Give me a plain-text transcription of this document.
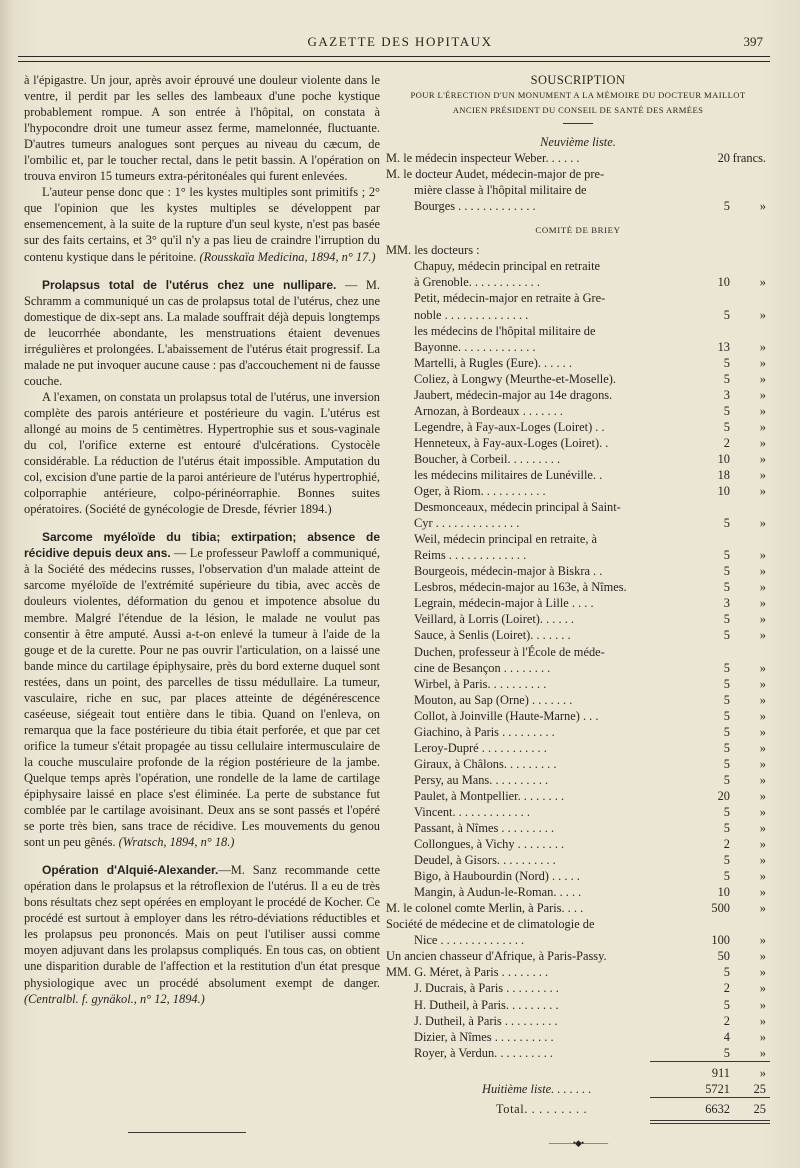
GAZETTE DES HOPITAUX	397

à l'épigastre. Un jour, après avoir éprouvé une douleur violente dans le ventre, il perdit par les selles des lambeaux d'une poche kystique probablement rompue. A son entrée à l'hôpital, on constata à l'hypocondre droit une tumeur assez ferme, mamelonnée, fluctuante. D'autres tumeurs analogues sont perçues au niveau du cæcum, de l'ombilic et, par le toucher rectal, dans le petit bassin. A l'opération on trouva environ 15 tumeurs extra-péritonéales qui furent enlevées.

L'auteur pense donc que : 1° les kystes multiples sont primitifs ; 2° que l'opinion que les kystes multiples se développent par ensemencement, à la suite de la rupture d'un seul kyste, n'est pas basée sur des faits certains, et 3° qu'il n'y a pas lieu de craindre l'irruption du contenu kystique dans le péritoine. (Rousskaïa Medicina, 1894, n° 17.)

Prolapsus total de l'utérus chez une nullipare. — M. Schramm a communiqué un cas de prolapsus total de l'utérus, chez une domestique de dix-sept ans. La malade souffrait déjà depuis longtemps de leucorrhée abondante, les menstruations étaient devenues irrégulières et prolongées. L'abaissement de l'utérus était progressif. La malade ne put invoquer aucune cause : pas d'accouchement ni de fausse couche.

A l'examen, on constata un prolapsus total de l'utérus, une inversion complète des parois antérieure et postérieure du vagin. L'utérus est allongé au moins de 5 centimètres. Hypertrophie sus et sous-vaginale du col, l'orifice externe est entouré d'ulcérations. Cystocèle considérable. La réduction de l'utérus était impossible. Amputation du col, excision d'une partie de la paroi antérieure de l'utérus hypertrophié, colporraphie antérieure, colpo-périnéorraphie. Bonnes suites opératoires. (Société de gynécologie de Dresde, février 1894.)

Sarcome myéloïde du tibia; extirpation; absence de récidive depuis deux ans. — Le professeur Pawloff a communiqué, à la Société des médecins russes, l'observation d'un malade atteint de sarcome myéloïde de l'extrémité supérieure du tibia, avec accès de douleurs violentes, déformation du genou et impotence absolue du membre. Malgré l'étendue de la lésion, le malade ne voulut pas consentir à être amputé. Aussi a-t-on enlevé la tumeur à l'aide de la gouge et de la curette. Pour ne pas ouvrir l'articulation, on a laissé une bande mince du cartilage épiphysaire, près du bord externe duquel sont restées, dans un point, des parcelles de tissu médullaire. La tumeur, vasculaire, riche en suc, par places atteinte de dégénérescence caséeuse, siégeait tout entière dans le tibia. Quand on l'enleva, on remarqua que la face postérieure du tibia était perforée, et que par cet orifice la tumeur s'était propagée au tissu cellulaire intermusculaire de la couche musculaire profonde de la région postérieure de la jambe. Quelque temps après l'opération, une rondelle de la lame de cartilage épiphysaire laissé en place s'est éliminée. La perte de substance fut comblée par le cartilage avoisinant. Deux ans se sont passés et l'opéré se porte très bien, sans trace de récidive. Les mouvements du genou sont un peu gênés. (Wratsch, 1894, n° 18.)

Opération d'Alquié-Alexander.—M. Sanz recommande cette opération dans le prolapsus et la rétroflexion de l'utérus. Il a eu de très bons résultats chez sept opérées en employant le procédé de Kocher. Ce procédé est surtout à employer dans les rétro-déviations réductibles et les prolapsus peu prononcés. Mais on peut l'utiliser aussi comme moyen adjuvant dans les prolapsus compliqués. En tous cas, on obtient une disparition durable de l'affection et la restitution d'un état presque physiologique avec un procédé absolument exempt de danger. (Centralbl. f. gynäkol., n° 12, 1894.)

SOUSCRIPTION
POUR L'ÉRECTION D'UN MONUMENT A LA MÉMOIRE DU DOCTEUR MAILLOT
ANCIEN PRÉSIDENT DU CONSEIL DE SANTÉ DES ARMÉES
Neuvième liste.
M. le médecin inspecteur Weber. . . . . .	20 francs.
M. le docteur Audet, médecin-major de pre-
mière classe à l'hôpital militaire de
Bourges . . . . . . . . . . . . .	5 »
COMITÉ DE BRIEY
MM. les docteurs :
Chapuy, médecin principal en retraite
à Grenoble. . . . . . . . . . . .	10 »
Petit, médecin-major en retraite à Gre-
noble . . . . . . . . . . . . . .	5 »
les médecins de l'hôpital militaire de
Bayonne. . . . . . . . . . . . .	13 »
Martelli, à Rugles (Eure). . . . . .	5 »
Coliez, à Longwy (Meurthe-et-Moselle).	5 »
Jaubert, médecin-major au 14e dragons.	3 »
Arnozan, à Bordeaux . . . . . . .	5 »
Legendre, à Fay-aux-Loges (Loiret) . .	5 »
Henneteux, à Fay-aux-Loges (Loiret). .	2 »
Boucher, à Corbeil. . . . . . . . .	10 »
les médecins militaires de Lunéville. .	18 »
Oger, à Riom. . . . . . . . . . .	10 »
Desmonceaux, médecin principal à Saint-
Cyr . . . . . . . . . . . . . .	5 »
Weil, médecin principal en retraite, à
Reims . . . . . . . . . . . . .	5 »
Bourgeois, médecin-major à Biskra . .	5 »
Lesbros, médecin-major au 163e, à Nîmes.	5 »
Legrain, médecin-major à Lille . . . .	3 »
Veillard, à Lorris (Loiret). . . . . .	5 »
Sauce, à Senlis (Loiret). . . . . . .	5 »
Duchen, professeur à l'École de méde-
cine de Besançon . . . . . . . .	5 »
Wirbel, à Paris. . . . . . . . . .	5 »
Mouton, au Sap (Orne) . . . . . . .	5 »
Collot, à Joinville (Haute-Marne) . . .	5 »
Giachino, à Paris . . . . . . . . .	5 »
Leroy-Dupré . . . . . . . . . . .	5 »
Giraux, à Châlons. . . . . . . . .	5 »
Persy, au Mans. . . . . . . . . .	5 »
Paulet, à Montpellier. . . . . . . .	20 »
Vincent. . . . . . . . . . . . .	5 »
Passant, à Nîmes . . . . . . . . .	5 »
Collongues, à Vichy . . . . . . . .	2 »
Deudel, à Gisors. . . . . . . . . .	5 »
Bigo, à Haubourdin (Nord) . . . . .	5 »
Mangin, à Audun-le-Roman. . . . .	10 »
M. le colonel comte Merlin, à Paris. . . .	500 »
Société de médecine et de climatologie de
Nice . . . . . . . . . . . . . .	100 »
Un ancien chasseur d'Afrique, à Paris-Passy.	50 »
MM. G. Méret, à Paris . . . . . . . .	5 »
J. Ducrais, à Paris . . . . . . . . .	2 »
H. Dutheil, à Paris. . . . . . . . .	5 »
J. Dutheil, à Paris . . . . . . . . .	2 »
Dizier, à Nîmes . . . . . . . . . .	4 »
Royer, à Verdun. . . . . . . . . .	5 »
911 »
Huitième liste. . . . . . .	5721 25
Total. . . . . . . . .	6632 25
———•◆•———
